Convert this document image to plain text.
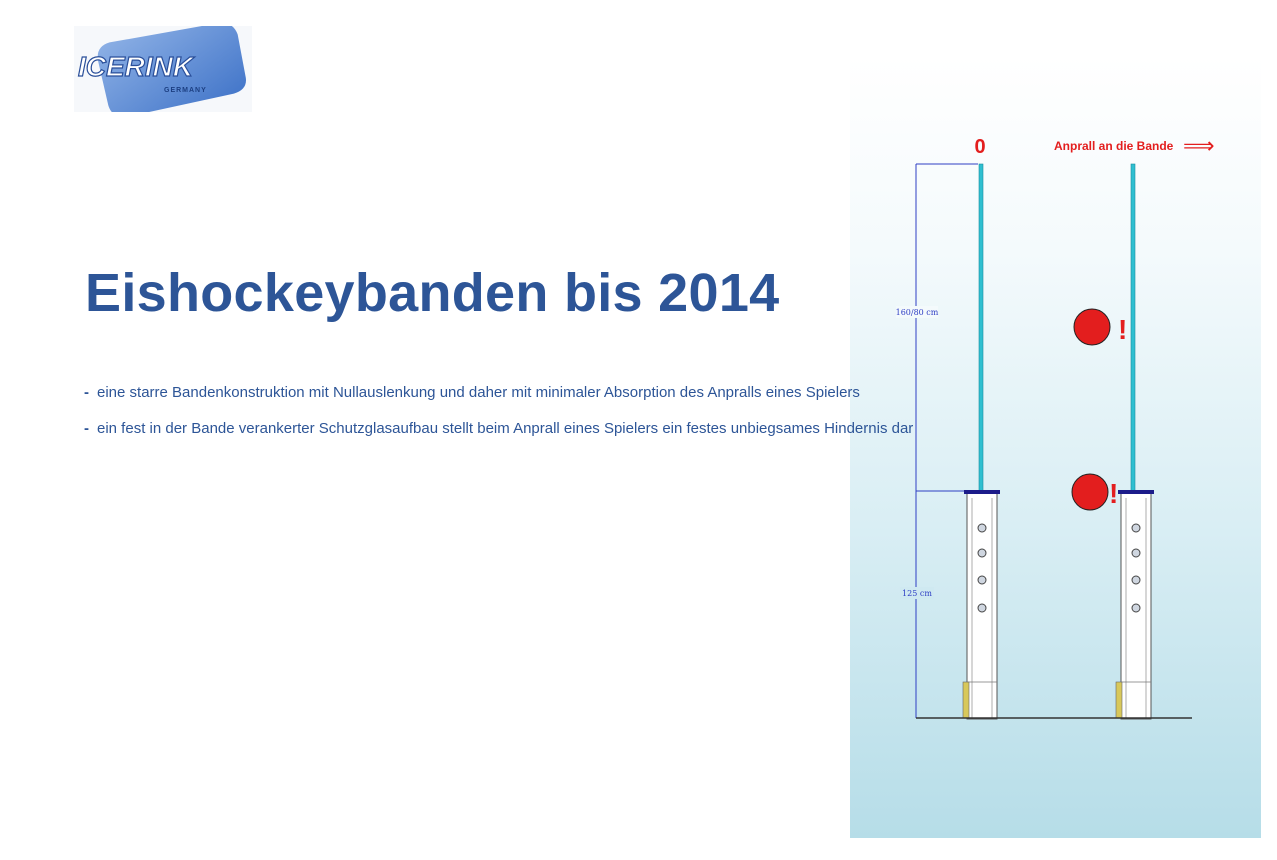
ICERINK
GERMANY
Eishockeybanden bis 2014
- eine starre Bandenkonstruktion mit Nullauslenkung und daher mit minimaler Absorption des Anpralls eines Spielers
- ein fest in der Bande verankerter Schutzglasaufbau stellt beim Anprall eines Spielers ein festes unbiegsames Hindernis dar
0	Anprall an die Bande ⟹
160/80 cm
125 cm
!
!
